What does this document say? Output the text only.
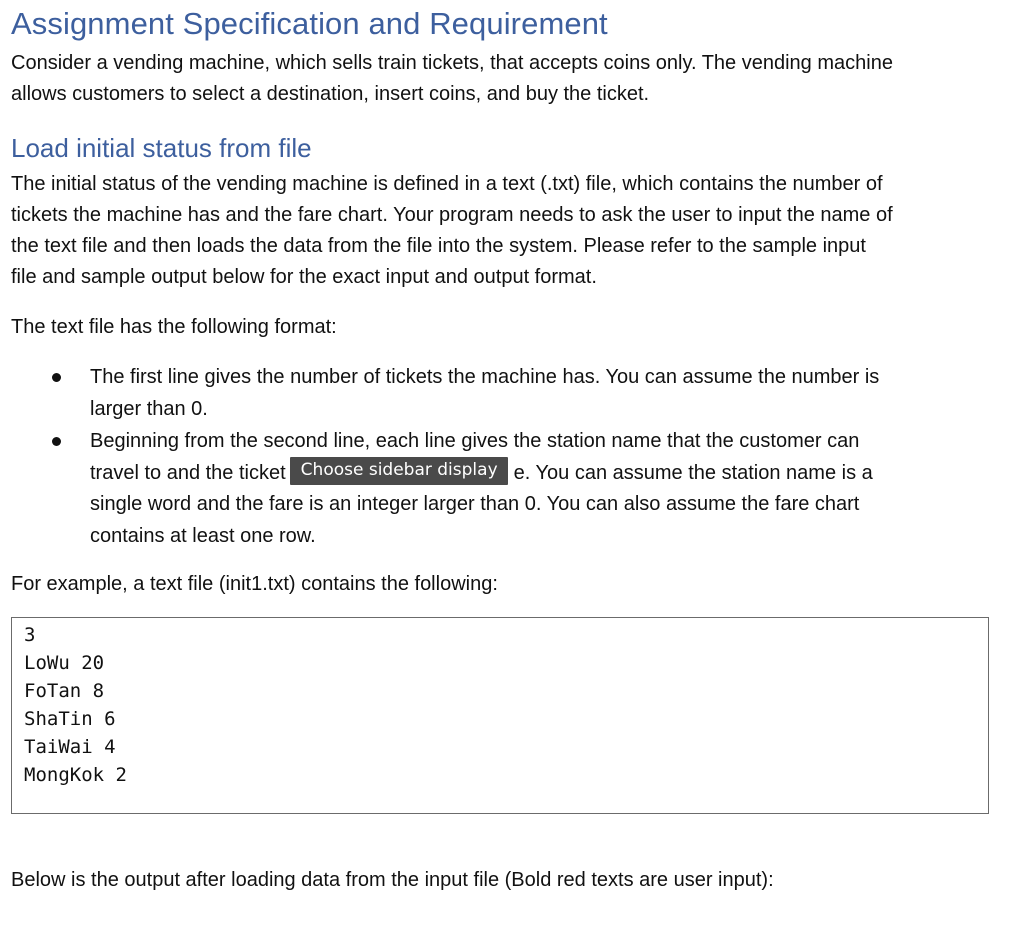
Assignment Specification and Requirement
Consider a vending machine, which sells train tickets, that accepts coins only. The vending machine
allows customers to select a destination, insert coins, and buy the ticket.
Load initial status from file
The initial status of the vending machine is defined in a text (.txt) file, which contains the number of
tickets the machine has and the fare chart. Your program needs to ask the user to input the name of
the text file and then loads the data from the file into the system. Please refer to the sample input
file and sample output below for the exact input and output format.
The text file has the following format:
The first line gives the number of tickets the machine has. You can assume the number is
larger than 0.
Beginning from the second line, each line gives the station name that the customer can
travel to and the ticket Choose sidebar display e. You can assume the station name is a
single word and the fare is an integer larger than 0. You can also assume the fare chart
contains at least one row.
For example, a text file (init1.txt) contains the following:
3
LoWu 20
FoTan 8
ShaTin 6
TaiWai 4
MongKok 2
Below is the output after loading data from the input file (Bold red texts are user input):
